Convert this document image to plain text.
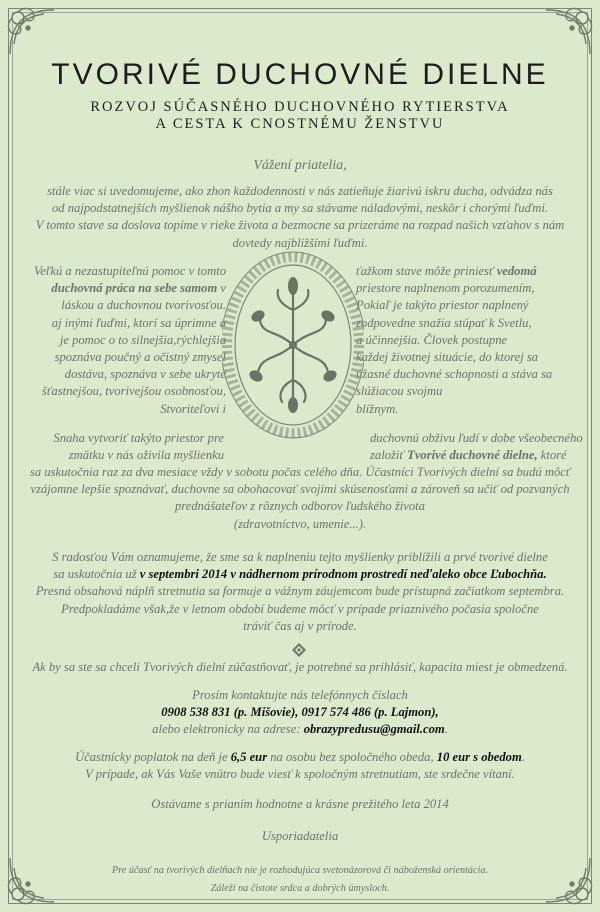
TVORIVÉ DUCHOVNÉ DIELNE
ROZVOJ SÚČASNÉHO DUCHOVNÉHO RYTIERSTVA
A CESTA K CNOSTNÉMU ŽENSTVU
Vážení priatelia,
stále viac si uvedomujeme, ako zhon každodennosti v nás zatieňuje žiarivú iskru ducha, odvádza nás
od najpodstatnejších myšlienok nášho bytia a my sa stávame náladovými, neskôr i chorými ľuďmi.
V tomto stave sa doslova topíme v rieke života a bezmocne sa prizeráme na rozpad našich vzťahov s nám
dovtedy najbližšími ľuďmi.
Veľkú a nezastupiteľnú pomoc v tomto
duchovná práca na sebe samom v
láskou a duchovnou tvorivosťou.
aj inými ľuďmi, ktorí sa úprimne a
je pomoc o to silnejšia,rýchlejšia
spoznáva poučný a očistný zmysel
dostáva, spoznáva v sebe ukryté
šťastnejšou, tvorivejšou osobnosťou,
Stvoriteľovi i
ťažkom stave môže priniesť vedomá
priestore naplnenom porozumením,
Pokiaľ je takýto priestor naplnený
zodpovedne snažia stúpať k Svetlu,
a účinnejšia. Človek postupne
každej životnej situácie, do ktorej sa
úžasné duchovné schopnosti a stáva sa
slúžiacou svojmu
blížnym.
Snaha vytvoriť takýto priestor pre
zmätku v nás oživila myšlienku
duchovnú obživu ľudí v dobe všeobecného
založiť Tvorivé duchovné dielne, ktoré
sa uskutočnia raz za dva mesiace vždy v sobotu počas celého dňa. Účastníci Tvorivých dielní sa budú môcť
vzájomne lepšie spoznávať, duchovne sa obohacovať svojimi skúsenosťami a zároveň sa učiť od pozvaných
prednášateľov z rôznych odborov ľudského života
(zdravotníctvo, umenie...).
S radosťou Vám oznamujeme, že sme sa k naplneniu tejto myšlienky priblížili a prvé tvorivé dielne
sa uskutočnia už v septembri 2014 v nádhernom prírodnom prostredí neďaleko obce Ľubochňa.
Presná obsahová náplň stretnutia sa formuje a vážnym záujemcom bude prístupná začiatkom septembra.
Predpokladáme však,že v letnom období budeme môcť v prípade priaznivého počasia spoločne
tráviť čas aj v prírode.
Ak by sa ste sa chceli Tvorivých dielní zúčastňovať, je potrebné sa prihlásiť, kapacita miest je obmedzená.
Prosím kontaktujte nás telefónnych číslach
0908 538 831 (p. Mišovie), 0917 574 486 (p. Lajmon),
alebo elektronicky na adrese: obrazypredusu@gmail.com.
Účastnícky poplatok na deň je 6,5 eur na osobu bez spoločného obeda, 10 eur s obedom.
V prípade, ak Vás Vaše vnútro bude viesť k spoločným stretnutiam, ste srdečne vítaní.
Ostávame s prianím hodnotne a krásne prežitého leta 2014
Usporiadatelia
Pre účasť na tvorivých dielňach nie je rozhodujúca svetonázorová či náboženská orientácia.
Záleží na čistote srdca a dobrých úmysloch.
